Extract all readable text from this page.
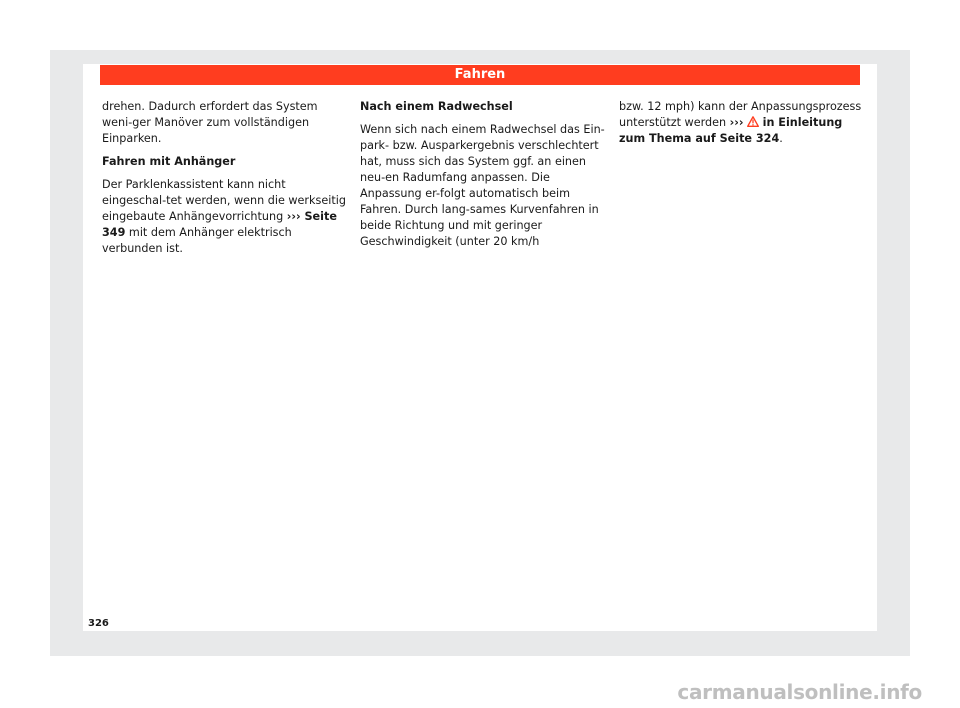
Fahren

drehen. Dadurch erfordert das System weni-ger Manöver zum vollständigen Einparken.

Fahren mit Anhänger

Der Parklenkassistent kann nicht eingeschal-tet werden, wenn die werkseitig eingebaute Anhängevorrichtung ››› Seite 349 mit dem Anhänger elektrisch verbunden ist.

Nach einem Radwechsel

Wenn sich nach einem Radwechsel das Ein-park- bzw. Ausparkergebnis verschlechtert hat, muss sich das System ggf. an einen neu-en Radumfang anpassen. Die Anpassung er-folgt automatisch beim Fahren. Durch lang-sames Kurvenfahren in beide Richtung und mit geringer Geschwindigkeit (unter 20 km/h

bzw. 12 mph) kann der Anpassungsprozess unterstützt werden ››› in Einleitung zum Thema auf Seite 324.

326
carmanualsonline.info
